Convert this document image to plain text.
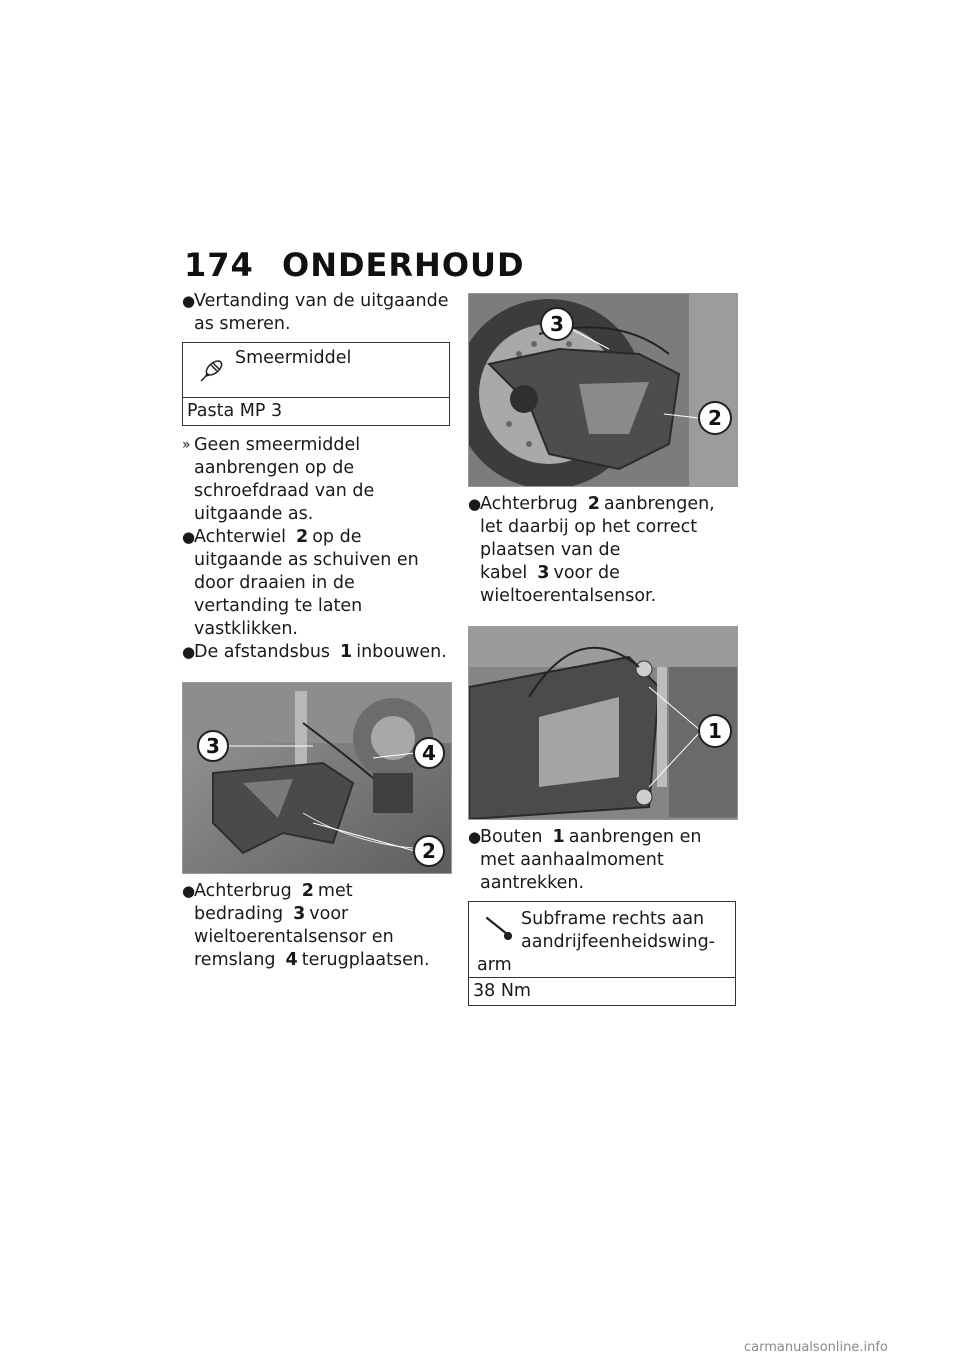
174 ONDERHOUD

●
Vertanding van de uitgaande as smeren.

Smeermiddel
Pasta MP 3

» Geen smeermiddel aanbrengen op de schroefdraad van de uitgaande as.

●
Achterwiel 2 op de uitgaande as schuiven en door draaien in de vertanding te laten vastklikken.

●
De afstandsbus 1 inbouwen.

3	4
2

●
Achterbrug 2 met bedrading 3 voor wieltoerentalsensor en remslang 4 terugplaatsen.

3
2

●
Achterbrug 2 aanbrengen, let daarbij op het correct plaatsen van de kabel 3 voor de wieltoerentalsensor.

1

●
Bouten 1 aanbrengen en met aanhaalmoment aantrekken.

Subframe rechts aan
aandrijfeenheidswing-
arm
38 Nm
carmanualsonline.info
